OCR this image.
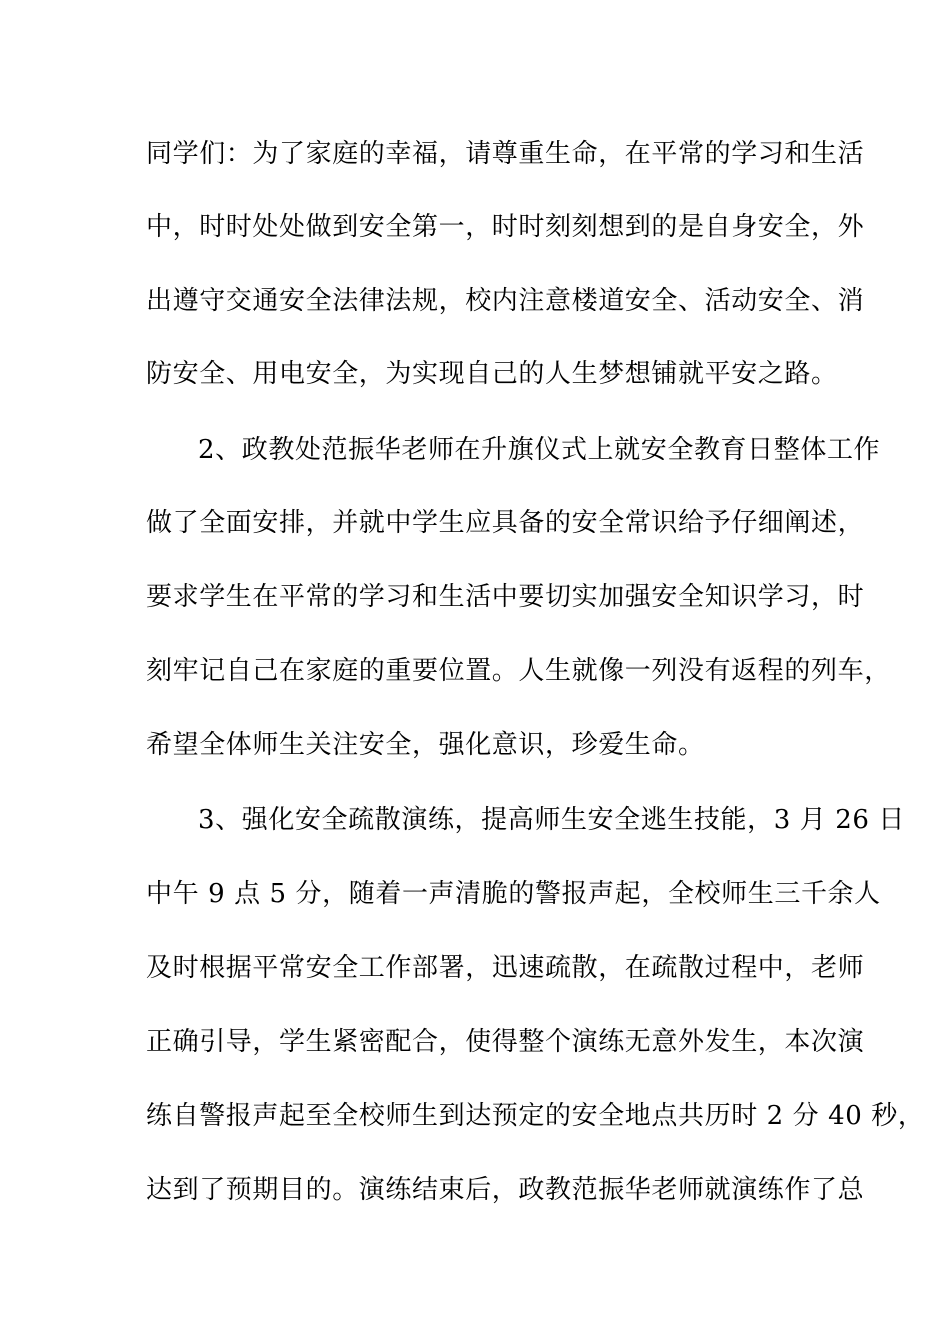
同学们：为了家庭的幸福，请尊重生命，在平常的学习和生活
中，时时处处做到安全第一，时时刻刻想到的是自身安全，外
出遵守交通安全法律法规，校内注意楼道安全、活动安全、消
防安全、用电安全，为实现自己的人生梦想铺就平安之路。
2、政教处范振华老师在升旗仪式上就安全教育日整体工作
做了全面安排，并就中学生应具备的安全常识给予仔细阐述，
要求学生在平常的学习和生活中要切实加强安全知识学习，时
刻牢记自己在家庭的重要位置。人生就像一列没有返程的列车，
希望全体师生关注安全，强化意识，珍爱生命。
3、强化安全疏散演练，提高师生安全逃生技能，3 月 26 日
中午 9 点 5 分，随着一声清脆的警报声起，全校师生三千余人
及时根据平常安全工作部署，迅速疏散，在疏散过程中，老师
正确引导，学生紧密配合，使得整个演练无意外发生，本次演
练自警报声起至全校师生到达预定的安全地点共历时 2 分 40 秒，
达到了预期目的。演练结束后，政教范振华老师就演练作了总
